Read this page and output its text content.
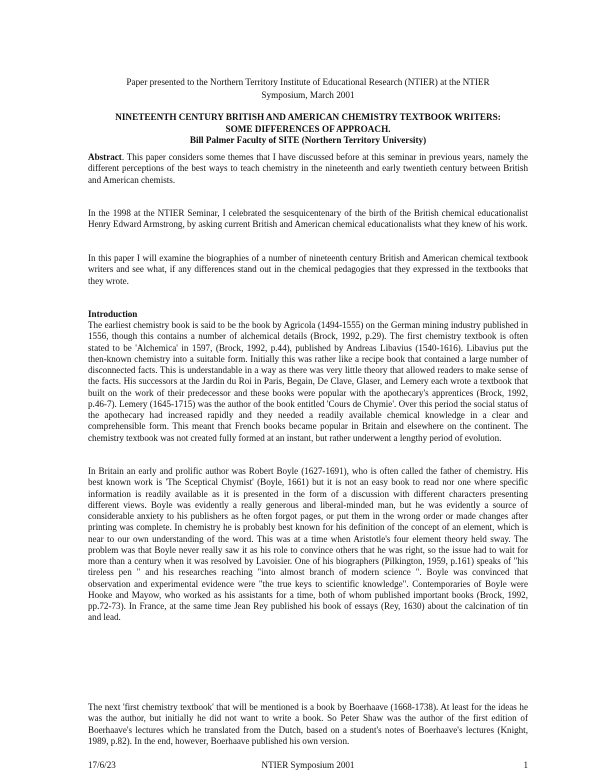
Paper presented to the Northern Territory Institute of Educational Research (NTIER) at the NTIER
Symposium, March 2001
NINETEENTH CENTURY BRITISH AND AMERICAN CHEMISTRY TEXTBOOK WRITERS:
SOME DIFFERENCES OF APPROACH.
Bill Palmer Faculty of SITE (Northern Territory University)
Abstract. This paper considers some themes that I have discussed before at this seminar in previous years, namely the different perceptions of the best ways to teach chemistry in the nineteenth and early twentieth century between British and American chemists.
In the 1998 at the NTIER Seminar, I celebrated the sesquicentenary of the birth of the British chemical educationalist Henry Edward Armstrong, by asking current British and American chemical educationalists what they knew of his work.
In this paper I will examine the biographies of a number of nineteenth century British and American chemical textbook writers and see what, if any differences stand out in the chemical pedagogies that they expressed in the textbooks that they wrote.
Introduction
The earliest chemistry book is said to be the book by Agricola (1494-1555) on the German mining industry published in 1556, though this contains a number of alchemical details (Brock, 1992, p.29). The first chemistry textbook is often stated to be 'Alchemica' in 1597, (Brock, 1992, p.44), published by Andreas Libavius (1540-1616). Libavius put the then-known chemistry into a suitable form. Initially this was rather like a recipe book that contained a large number of disconnected facts. This is understandable in a way as there was very little theory that allowed readers to make sense of the facts. His successors at the Jardin du Roi in Paris, Begain, De Clave, Glaser, and Lemery each wrote a textbook that built on the work of their predecessor and these books were popular with the apothecary's apprentices (Brock, 1992, p.46-7). Lemery (1645-1715) was the author of the book entitled 'Cours de Chymie'. Over this period the social status of the apothecary had increased rapidly and they needed a readily available chemical knowledge in a clear and comprehensible form. This meant that French books became popular in Britain and elsewhere on the continent. The chemistry textbook was not created fully formed at an instant, but rather underwent a lengthy period of evolution.
In Britain an early and prolific author was Robert Boyle (1627-1691), who is often called the father of chemistry. His best known work is 'The Sceptical Chymist' (Boyle, 1661) but it is not an easy book to read nor one where specific information is readily available as it is presented in the form of a discussion with different characters presenting different views. Boyle was evidently a really generous and liberal-minded man, but he was evidently a source of considerable anxiety to his publishers as he often forgot pages, or put them in the wrong order or made changes after printing was complete. In chemistry he is probably best known for his definition of the concept of an element, which is near to our own understanding of the word. This was at a time when Aristotle's four element theory held sway. The problem was that Boyle never really saw it as his role to convince others that he was right, so the issue had to wait for more than a century when it was resolved by Lavoisier. One of his biographers (Pilkington, 1959, p.161) speaks of "his tireless pen " and his researches reaching "into almost branch of modern science ". Boyle was convinced that observation and experimental evidence were "the true keys to scientific knowledge". Contemporaries of Boyle were Hooke and Mayow, who worked as his assistants for a time, both of whom published important books (Brock, 1992, pp.72-73). In France, at the same time Jean Rey published his book of essays (Rey, 1630) about the calcination of tin and lead.
The next 'first chemistry textbook' that will be mentioned is a book by Boerhaave (1668-1738). At least for the ideas he was the author, but initially he did not want to write a book. So Peter Shaw was the author of the first edition of Boerhaave's lectures which he translated from the Dutch, based on a student's notes of Boerhaave's lectures (Knight, 1989, p.82). In the end, however, Boerhaave published his own version.
17/6/23	NTIER Symposium 2001	1
